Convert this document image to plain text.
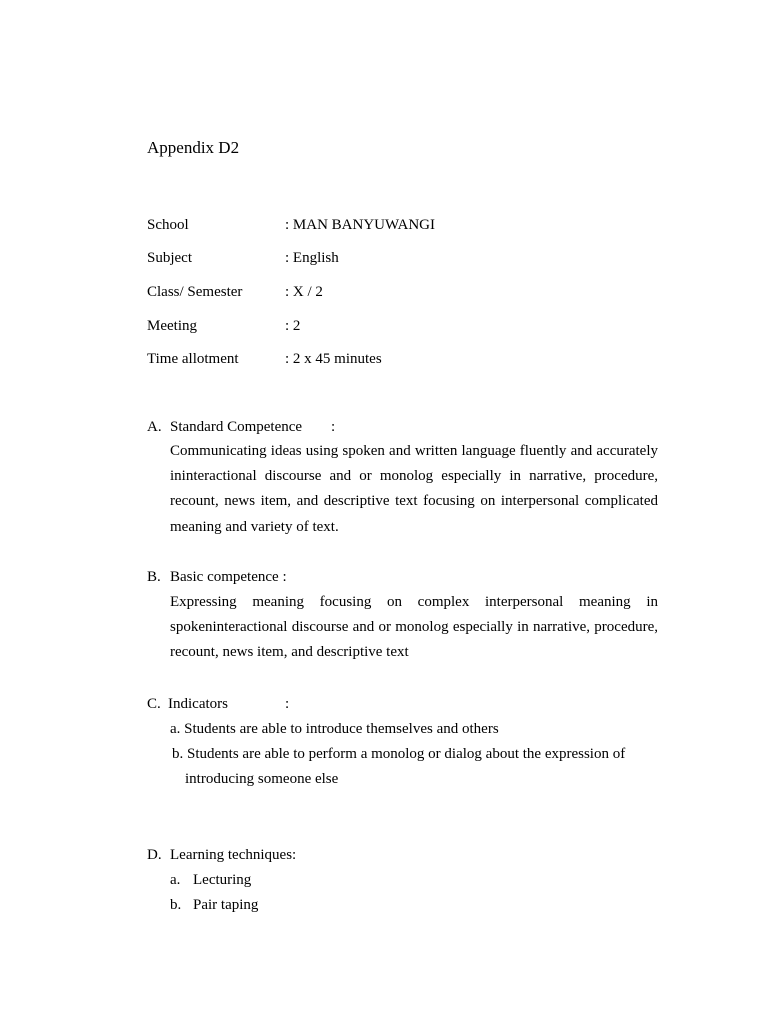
Appendix D2
School	: MAN BANYUWANGI
Subject	: English
Class/ Semester	: X / 2
Meeting	: 2
Time allotment	: 2 x 45 minutes
A. Standard Competence :
Communicating ideas using spoken and written language fluently and accurately ininteractional discourse and or monolog especially in narrative, procedure, recount, news item, and descriptive text focusing on interpersonal complicated meaning and variety of text.
B. Basic competence :
Expressing meaning focusing on complex interpersonal meaning in spokeninteractional discourse and or monolog especially in narrative, procedure, recount, news item, and descriptive text
C. Indicators	:
a. Students are able to introduce themselves and others
b. Students are able to perform a monolog or dialog about the expression of
introducing someone else
D. Learning techniques:
a. Lecturing
b. Pair taping
